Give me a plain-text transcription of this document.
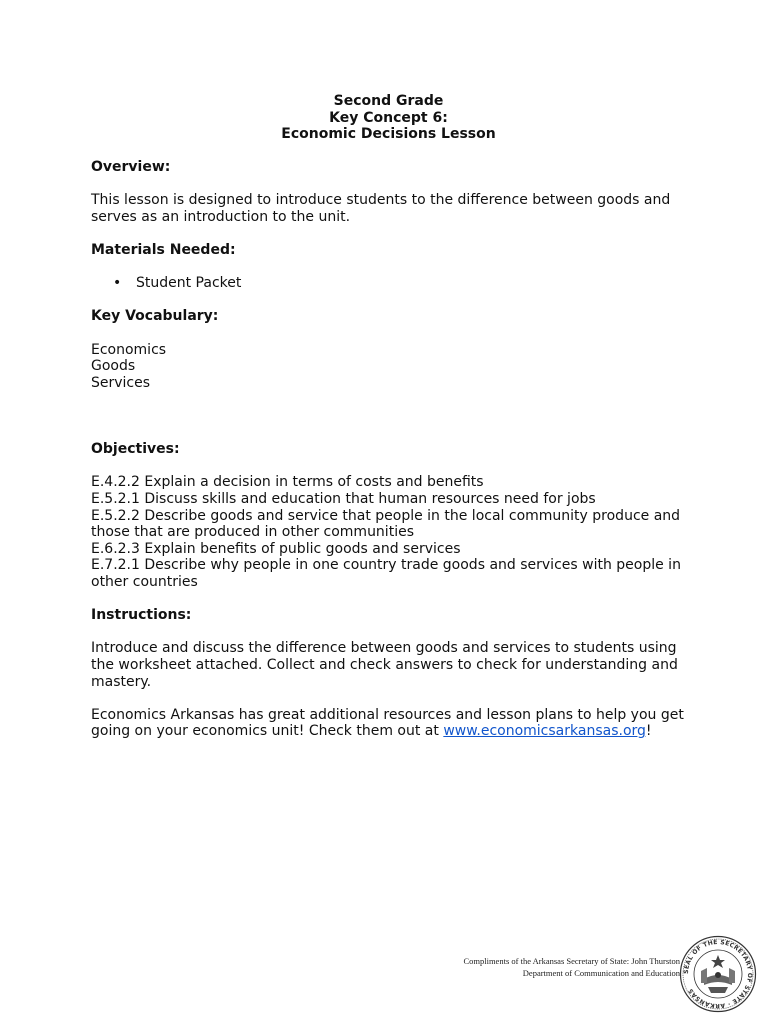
Second Grade
Key Concept 6:
Economic Decisions Lesson
Overview:

This lesson is designed to introduce students to the difference between goods and

serves as an introduction to the unit.

Materials Needed:
• Student Packet
Key Vocabulary:

Economics

Goods

Services

Objectives:

E.4.2.2 Explain a decision in terms of costs and benefits

E.5.2.1 Discuss skills and education that human resources need for jobs

E.5.2.2 Describe goods and service that people in the local community produce and

those that are produced in other communities

E.6.2.3 Explain benefits of public goods and services

E.7.2.1 Describe why people in one country trade goods and services with people in

other countries

Instructions:

Introduce and discuss the difference between goods and services to students using

the worksheet attached. Collect and check answers to check for understanding and

mastery.

Economics Arkansas has great additional resources and lesson plans to help you get

going on your economics unit! Check them out at www.economicsarkansas.org!

Compliments of the Arkansas Secretary of State: John Thurston
Department of Communication and Education SEAL OF THE SECRETARY OF STATE · ARKANSAS
